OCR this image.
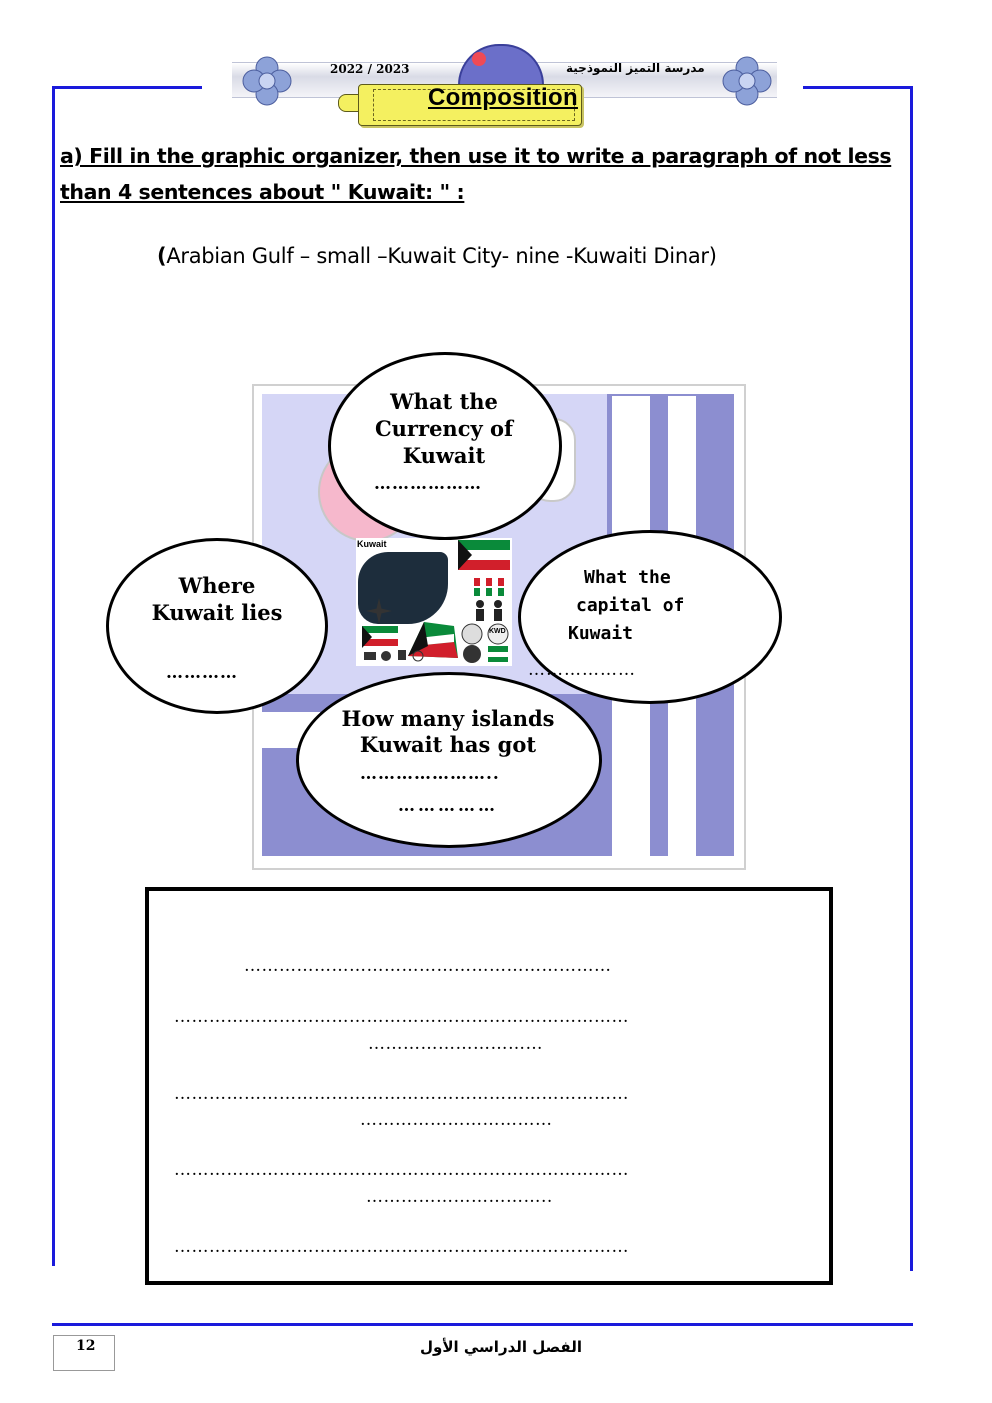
2022 / 2023	مدرسة التميز النموذجية
Composition
a) Fill in the graphic organizer, then use it to write a paragraph of not less than 4 sentences about " Kuwait: " :
(Arabian Gulf – small –Kuwait City- nine -Kuwaiti Dinar)
Kuwait
KWD
What the
Currency of
Kuwait
………………
Where
Kuwait lies
…………
What the
capital of
Kuwait
………………
How many islands
Kuwait has got
…………………..
……………
………………………………………………………
……………………………………………………………………
…………………………
……………………………………………………………………
……………………………
……………………………………………………………………
…………………………..
……………………………………………………………………
12	الفصل الدراسي الأول
